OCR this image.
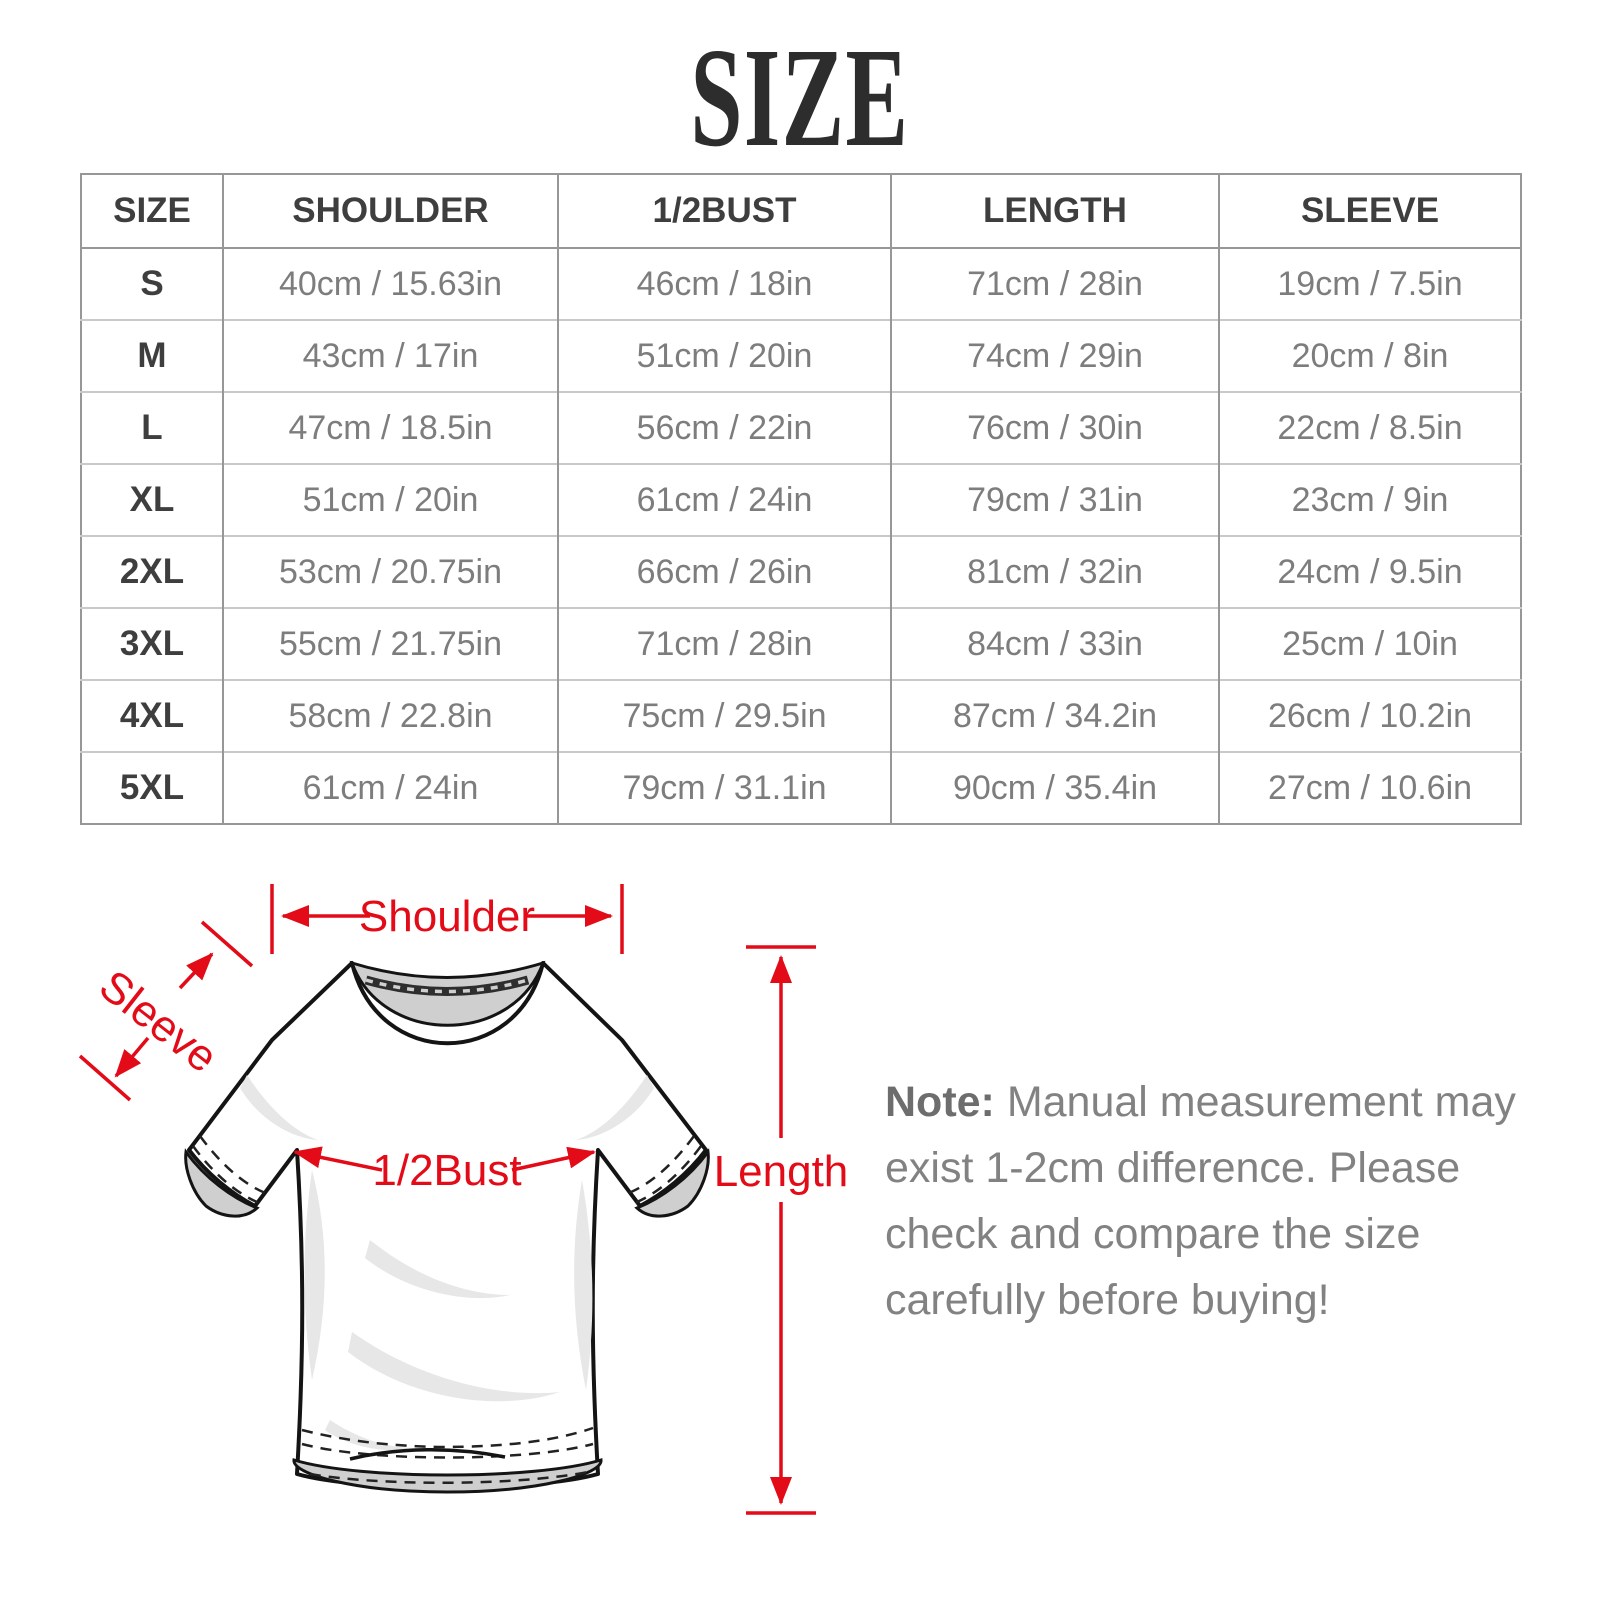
SIZE
SIZE	SHOULDER	1/2BUST	LENGTH	SLEEVE
S	40cm / 15.63in	46cm / 18in	71cm / 28in	19cm / 7.5in
M	43cm / 17in	51cm / 20in	74cm / 29in	20cm / 8in
L	47cm / 18.5in	56cm / 22in	76cm / 30in	22cm / 8.5in
XL	51cm / 20in	61cm / 24in	79cm / 31in	23cm / 9in
2XL	53cm / 20.75in	66cm / 26in	81cm / 32in	24cm / 9.5in
3XL	55cm / 21.75in	71cm / 28in	84cm / 33in	25cm / 10in
4XL	58cm / 22.8in	75cm / 29.5in	87cm / 34.2in	26cm / 10.2in
5XL	61cm / 24in	79cm / 31.1in	90cm / 35.4in	27cm / 10.6in
Shoulder
Sleeve
1/2Bust	Length
Note: Manual measurement may
exist 1-2cm difference. Please
check and compare the size
carefully before buying!
